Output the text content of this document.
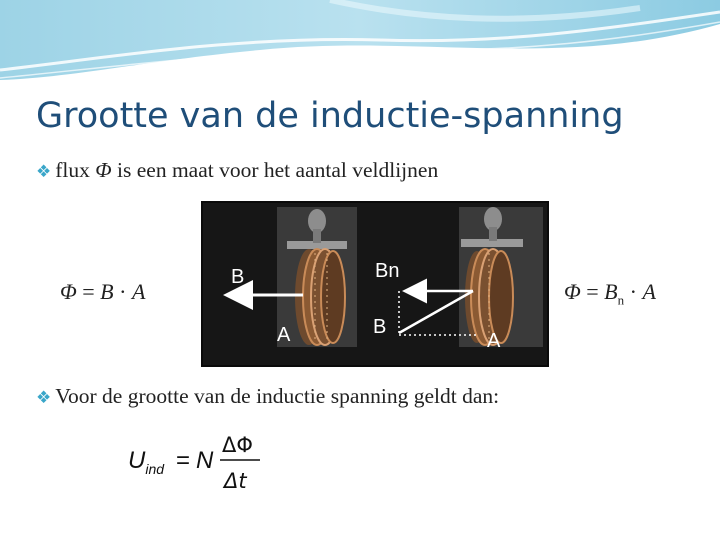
Grootte van de inductie-spanning
❖ flux Φ is een maat voor het aantal veldlijnen
Φ = B · A
B
A
Bn
B
A
$\Phi = B_n \cdot A$
❖ Voor de grootte van de inductie spanning geldt dan:
$U_{ind} = N$
ΔΦ
Δt
